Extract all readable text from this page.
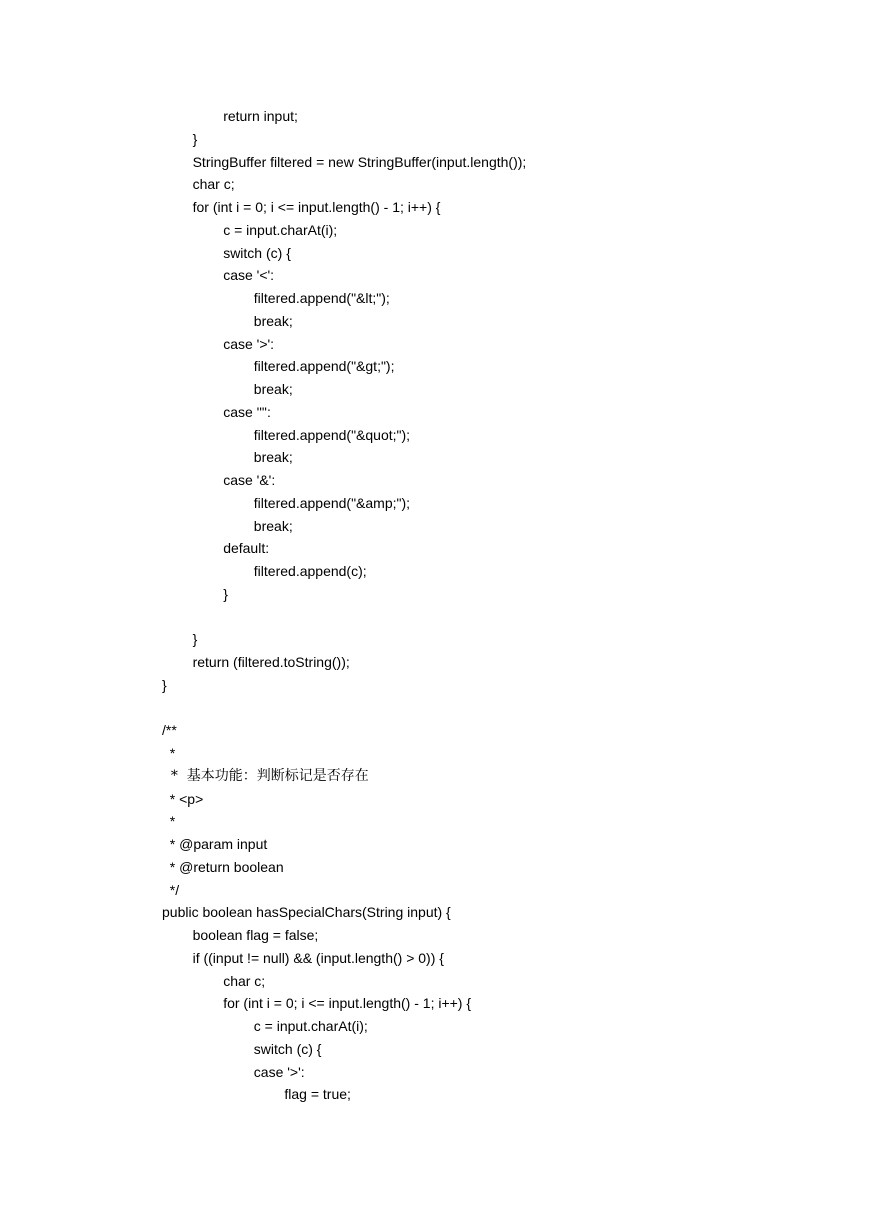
return input;
}
StringBuffer filtered = new StringBuffer(input.length());
char c;
for (int i = 0; i <= input.length() - 1; i++) {
c = input.charAt(i);
switch (c) {
case '<':
filtered.append("&lt;");
break;
case '>':
filtered.append("&gt;");
break;
case '"':
filtered.append("&quot;");
break;
case '&':
filtered.append("&amp;");
break;
default:
filtered.append(c);
}
}
return (filtered.toString());
}
/**
*
*  基本功能：判断标记是否存在
* <p>
*
* @param input
* @return boolean
*/
public boolean hasSpecialChars(String input) {
boolean flag = false;
if ((input != null) && (input.length() > 0)) {
char c;
for (int i = 0; i <= input.length() - 1; i++) {
c = input.charAt(i);
switch (c) {
case '>':
flag = true;
